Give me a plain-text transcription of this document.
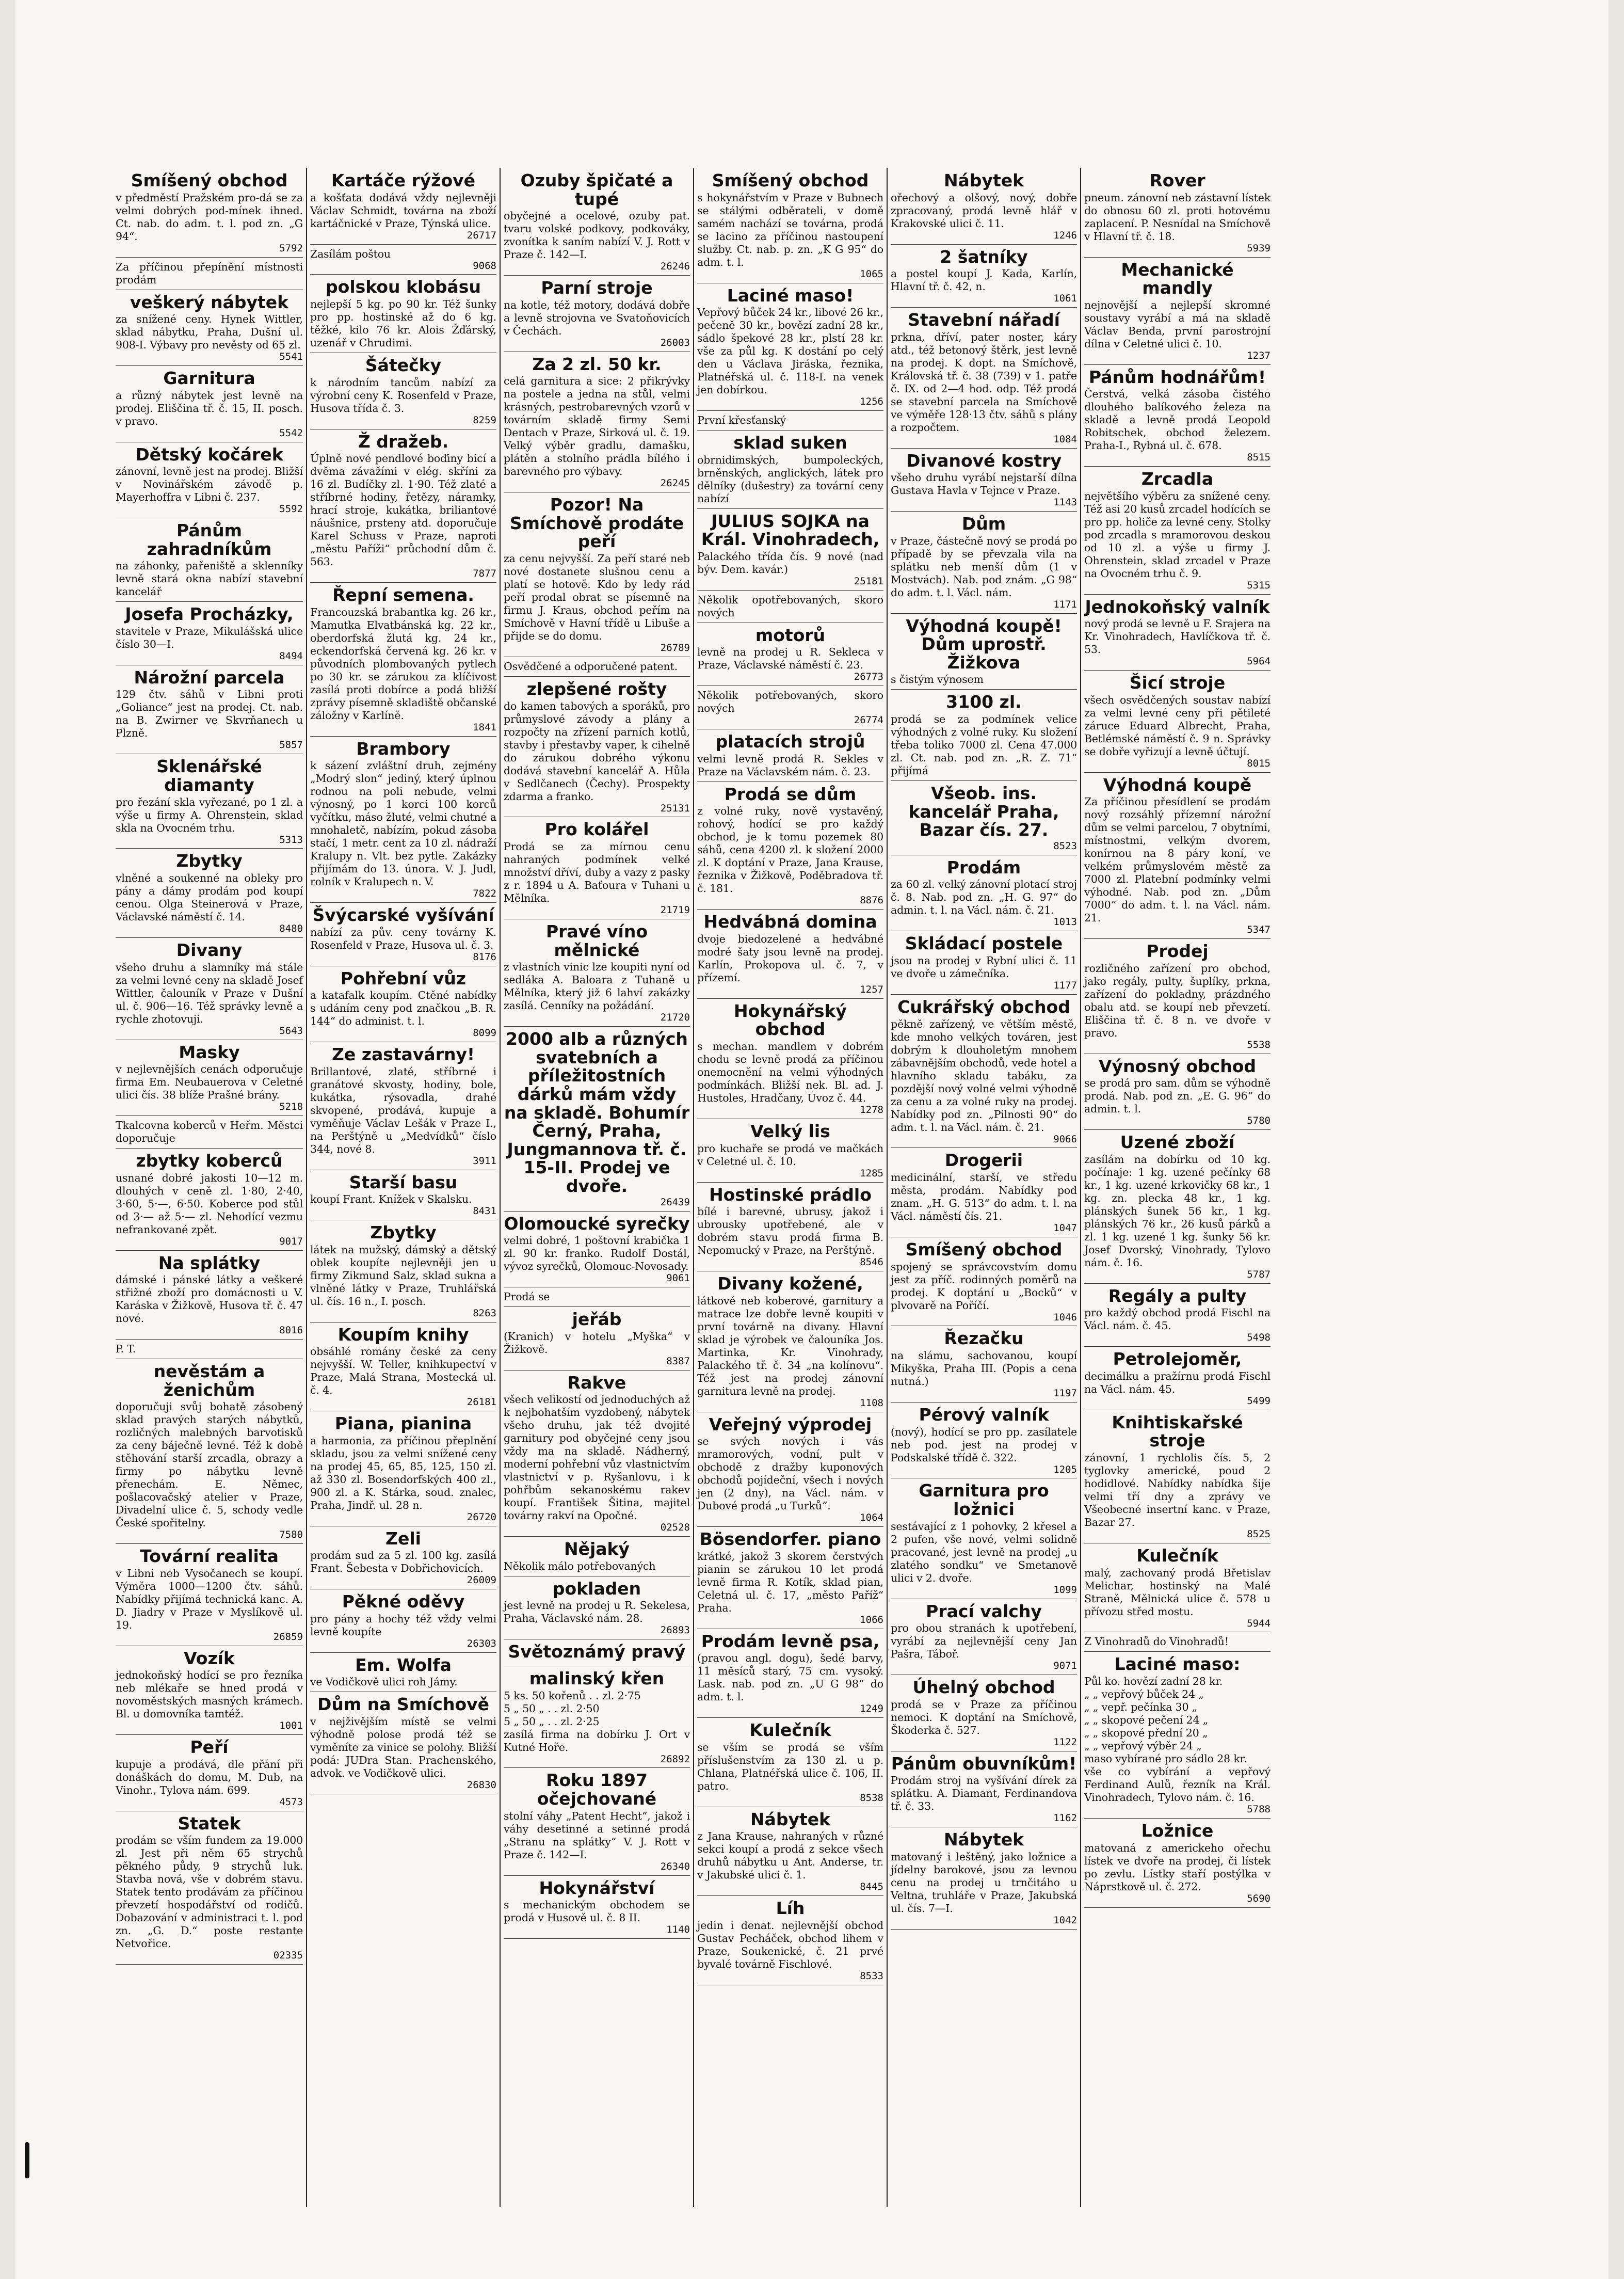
Smíšený obchod

v předměstí Pražském pro-dá se za velmi dobrých pod-mínek ihned. Ct. nab. do adm. t. l. pod zn. „G 94“.

5792

Za příčinou přepínění místnosti prodám

veškerý nábytek

za snížené ceny. Hynek Wittler, sklad nábytku, Praha, Dušní ul. 908-I. Výbavy pro nevěsty od 65 zl.

5541

Garnitura

a různý nábytek jest levně na prodej. Eliščina tř. č. 15, II. posch. v pravo.

5542

Dětský kočárek

zánovní, levně jest na prodej. Bližší v Novinářském závodě p. Mayerhoffra v Libni č. 237.

5592

Pánům zahradníkům

na záhonky, pařeniště a sklenníky levně stará okna nabízí stavební kancelář

Josefa Procházky,

stavitele v Praze, Mikulášská ulice číslo 30—I.

8494

Nárožní parcela

129 čtv. sáhů v Libni proti „Goliance“ jest na prodej. Ct. nab. na B. Zwirner ve Skvrňanech u Plzně.

5857

Sklenářské diamanty

pro řezání skla vyřezané, po 1 zl. a výše u firmy A. Ohrenstein, sklad skla na Ovocném trhu.

5313

Zbytky

vlněné a soukenné na obleky pro pány a dámy prodám pod koupí cenou. Olga Steinerová v Praze, Václavské náměstí č. 14.

8480

Divany

všeho druhu a slamníky má stále za velmi levné ceny na skladě Josef Wittler, čalouník v Praze v Dušní ul. č. 906—16. Též správky levně a rychle zhotovuji.

5643

Masky

v nejlevnějších cenách odporučuje firma Em. Neubauerova v Celetné ulici čís. 38 blíže Prašné brány.

5218

Tkalcovna koberců v Heřm. Městci doporučuje

zbytky koberců

usnané dobré jakosti 10—12 m. dlouhých v ceně zl. 1·80, 2·40, 3·60, 5·—, 6·50. Koberce pod stůl od 3·— až 5·— zl. Nehodící vezmu nefrankované zpět.

9017

Na splátky

dámské i pánské látky a veškeré střižné zboží pro domácnosti u V. Karáska v Žižkově, Husova tř. č. 47 nové.

8016

P. T.

nevěstám a ženichům

doporučuji svůj bohatě zásobený sklad pravých starých nábytků, rozličných malebných barvotisků za ceny báječně levné. Též k době stěhování starší zrcadla, obrazy a firmy po nábytku levně přenechám. E. Němec, pošlacovačský atelier v Praze, Divadelní ulice č. 5, schody vedle České spořitelny.

7580

Tovární realita

v Libni neb Vysočanech se koupí. Výměra 1000—1200 čtv. sáhů. Nabídky přijímá technická kanc. A. D. Jiadry v Praze v Myslíkově ul. 19.

26859

Vozík

jednokoňský hodící se pro řezníka neb mlékaře se hned prodá v novoměstských masných krámech. Bl. u domovníka tamtéž.

1001

Peří

kupuje a prodává, dle přání při donáškách do domu, M. Dub, na Vinohr., Tylova nám. 699.

4573

Statek

prodám se vším fundem za 19.000 zl. Jest při něm 65 strychů pěkného půdy, 9 strychů luk. Stavba nová, vše v dobrém stavu. Statek tento prodávám za příčinou převzetí hospodářství od rodičů. Dobazování v administraci t. l. pod zn. „G. D.“ poste restante Netvořice.

02335

Kartáče rýžové

a košťata dodává vždy nejlevněji Václav Schmidt, továrna na zboží kartáčnické v Praze, Týnská ulice.

26717

Zasílám poštou

9068

polskou klobásu

nejlepší 5 kg. po 90 kr. Též šunky pro pp. hostinské až do 6 kg. těžké, kilo 76 kr. Alois Žďárský, uzenář v Chrudimi.

Šátečky

k národním tancům nabízí za výrobní ceny K. Rosenfeld v Praze, Husova třída č. 3.

8259

Ž dražeb.

Úplně nové pendlové boďiny bicí a dvěma závažími v elég. skříni za 16 zl. Budíčky zl. 1·90. Též zlaté a stříbrné hodiny, řetězy, náramky, hrací stroje, kukátka, briliantové náušnice, prsteny atd. doporučuje Karel Schuss v Praze, naproti „městu Paříži“ průchodní dům č. 563.

7877

Řepní semena.

Francouzská brabantka kg. 26 kr., Mamutka Elvatbánská kg. 22 kr., oberdorfská žlutá kg. 24 kr., eckendorfská červená kg. 26 kr. v původních plombovaných pytlech po 30 kr. se zárukou za klíčivost zasílá proti dobírce a podá bližší zprávy písemně skladiště občanské záložny v Karlíně.

1841

Brambory

k sázení zvláštní druh, zejmény „Modrý slon“ jediný, který úplnou rodnou na poli nebude, velmi výnosný, po 1 korci 100 korců vyčítku, máso žluté, velmi chutné a mnohaletč, nabízím, pokud zásoba stačí, 1 metr. cent za 10 zl. nádraží Kralupy n. Vlt. bez pytle. Zakázky přijímám do 13. února. V. J. Judl, rolník v Kralupech n. V.

7822

Švýcarské vyšívání

nabízí za pův. ceny továrny K. Rosenfeld v Praze, Husova ul. č. 3.

8176

Pohřební vůz

a katafalk koupím. Ctěné nabídky s udáním ceny pod značkou „B. R. 144“ do administ. t. l.

8099

Ze zastavárny!

Brillantové, zlaté, stříbrné i granátové skvosty, hodiny, bole, kukátka, rýsovadla, drahé skvopené, prodává, kupuje a vyměňuje Václav Lešák v Praze I., na Perštýně u „Medvídků“ číslo 344, nové 8.

3911

Starší basu

koupí Frant. Knížek v Skalsku.

8431

Zbytky

látek na mužský, dámský a dětský oblek koupíte nejlevněji jen u firmy Zikmund Salz, sklad sukna a vlněné látky v Praze, Truhlářská ul. čís. 16 n., I. posch.

8263

Koupím knihy

obsáhlé romány české za ceny nejvyšší. W. Teller, knihkupectví v Praze, Malá Strana, Mostecká ul. č. 4.

26181

Piana, pianina

a harmonia, za příčinou přeplnění skladu, jsou za velmi snížené ceny na prodej 45, 65, 85, 125, 150 zl. až 330 zl. Bosendorfských 400 zl., 900 zl. a K. Stárka, soud. znalec, Praha, Jindř. ul. 28 n.

26720

Zeli

prodám sud za 5 zl. 100 kg. zasílá Frant. Šebesta v Dobřichovicích.

26009

Pěkné oděvy

pro pány a hochy též vždy velmi levně koupíte

26303

Em. Wolfa

ve Vodičkově ulici roh Jámy.

Dům na Smíchově

v nejživějším místě se velmi výhodně polose prodá též se vyměníte za vinice se polohy. Bližší podá: JUDra Stan. Prachenského, advok. ve Vodičkově ulici.

26830

Ozuby špičaté a tupé

obyčejné a ocelové, ozuby pat. tvaru volské podkovy, podkováky, zvonítka k saním nabízí V. J. Rott v Praze č. 142—I.

26246

Parní stroje

na kotle, též motory, dodává dobře a levně strojovna ve Svatoňovicích v Čechách.

26003

Za 2 zl. 50 kr.

celá garnitura a sice: 2 přikrývky na postele a jedna na stůl, velmi krásných, pestrobarevných vzorů v továrním skladě firmy Semi Dentach v Praze, Sirková ul. č. 19. Velký výběr gradlu, damašku, plátěn a stolního prádla bílého i barevného pro výbavy.

26245

Pozor! Na Smíchově prodáte peří

za cenu nejvyšší. Za peří staré neb nové dostanete slušnou cenu a platí se hotově. Kdo by ledy rád peří prodal obrat se písemně na firmu J. Kraus, obchod peřím na Smíchově v Havní třídě u Libuše a přijde se do domu.

26789

Osvědčené a odporučené patent.

zlepšené rošty

do kamen tabových a sporáků, pro průmyslové závody a plány a rozpočty na zřízení parních kotlů, stavby i přestavby vaper, k cihelně do zárukou dobrého výkonu dodává stavební kancelář A. Hůla v Sedlčanech (Čechy). Prospekty zdarma a franko.

25131

Pro kolářel

Prodá se za mírnou cenu nahraných podmínek velké množství dříví, duby a vazy z pasky z r. 1894 u A. Baťoura v Tuhani u Mělníka.

21719

Pravé víno mělnické

z vlastních vinic lze koupiti nyní od sedláka A. Baloara z Tuhaně u Mělníka, který již 6 lahví zakázky zasílá. Cenníky na požádání.

21720

2000 alb a různých svatebních a příležitostních dárků mám vždy na skladě. Bohumír Černý, Praha, Jungmannova tř. č. 15-II. Prodej ve dvoře.

26439

Olomoucké syrečky

velmi dobré, 1 poštovní krabička 1 zl. 90 kr. franko. Rudolf Dostál, vývoz syrečků, Olomouc-Novosady.

9061

Prodá se

jeřáb

(Kranich) v hotelu „Myška“ v Žižkově.

8387

Rakve

všech velikostí od jednoduchých až k nejbohatším vyzdobený, nábytek všeho druhu, jak též dvojité garnitury pod obyčejné ceny jsou vždy ma na skladě. Nádherný, moderní pohřební vůz vlastnictvím vlastnictví v p. Ryšanlovu, i k pohřbům sekanoskému rakev koupí. František Šitina, majitel továrny rakví na Opočné.

02528

Nějaký

Několik málo potřebovaných

pokladen

jest levně na prodej u R. Sekelesa, Praha, Václavské nám. 28.

26893

Světoznámý pravý

malinský křen

5 ks. 50 kořenů . . zl. 2·75
5 „ 50 „ . . zl. 2·50
5 „ 50 „ . . zl. 2·25
zasílá firma na dobírku J. Ort v Kutné Hoře.

26892

Roku 1897 očejchované

stolní váhy „Patent Hecht“, jakož i váhy desetinné a setinné prodá „Stranu na splátky“ V. J. Rott v Praze č. 142—I.

26340

Hokynářství

s mechanickým obchodem se prodá v Husově ul. č. 8 II.

1140

Smíšený obchod

s hokynářstvím v Praze v Bubnech se stálými odběrateli, v domě samém nachází se továrna, prodá se lacino za příčinou nastoupení služby. Ct. nab. p. zn. „K G 95“ do adm. t. l.

1065

Laciné maso!

Vepřový bůček 24 kr., libové 26 kr., pečeně 30 kr., bovězí zadní 28 kr., sádlo špekové 28 kr., plstí 28 kr. vše za půl kg. K dostání po celý den u Václava Jiráska, řeznika, Platnéřská ul. č. 118-I. na venek jen dobírkou.

1256

První křesťanský

sklad suken

obrnidimských, bumpoleckých, brněnských, anglických, látek pro dělníky (dušestry) za tovární ceny nabízí

JULIUS SOJKA na Král. Vinohradech,

Palackého třída čís. 9 nové (nad býv. Dem. kavár.)

25181

Několik opotřebovaných, skoro nových

motorů

levně na prodej u R. Sekleca v Praze, Václavské náměstí č. 23.

26773

Několik potřebovaných, skoro nových

26774

platacích strojů

velmi levně prodá R. Sekles v Praze na Václavském nám. č. 23.

Prodá se dům

z volné ruky, nově vystavěný, rohový, hodící se pro každý obchod, je k tomu pozemek 80 sáhů, cena 4200 zl. k složení 2000 zl. K doptání v Praze, Jana Krause, řeznika v Žižkově, Poděbradova tř. č. 181.

8876

Hedvábná domina

dvoje biedozelené a hedvábné modré šaty jsou levně na prodej. Karlín, Prokopova ul. č. 7, v přízemí.

1257

Hokynářský obchod

s mechan. mandlem v dobrém chodu se levně prodá za příčinou onemocnění na velmi výhodných podmínkách. Bližší nek. Bl. ad. J. Hustoles, Hradčany, Úvoz č. 44.

1278

Velký lis

pro kuchaře se prodá ve mačkách v Celetné ul. č. 10.

1285

Hostinské prádlo

bílé i barevné, ubrusy, jakož i ubrousky upotřebené, ale v dobrém stavu prodá firma B. Nepomucký v Praze, na Perštýně.

8546

Divany kožené,

látkové neb koberové, garnitury a matrace lze dobře levně koupiti v první továrně na divany. Hlavní sklad je výrobek ve čalouníka Jos. Martinka, Kr. Vinohrady, Palackého tř. č. 34 „na kolínovu“. Též jest na prodej zánovní garnitura levně na prodej.

1108

Veřejný výprodej

se svých nových i vás mramorových, vodní, pult v obchodě z dražby kuponových obchodů pojídeční, všech i nových jen (2 dny), na Václ. nám. v Dubové prodá „u Turků“.

1064

Bösendorfer. piano

krátké, jakož 3 skorem čerstvých pianin se zárukou 10 let prodá levně firma R. Kotík, sklad pian, Celetná ul. č. 17, „město Paříž“ Praha.

1066

Prodám levně psa,

(pravou angl. dogu), šedé barvy, 11 měsíců starý, 75 cm. vysoký. Lask. nab. pod zn. „U G 98“ do adm. t. l.

1249

Kulečník

se vším se prodá se vším příslušenstvím za 130 zl. u p. Chlana, Platnéřská ulice č. 106, II. patro.

8538

Nábytek

z Jana Krause, nahraných v různé sekci koupí a prodá z sekce všech druhů nábytku u Ant. Anderse, tr. v Jakubské ulici č. 1.

8445

Líh

jedin i denat. nejlevnější obchod Gustav Pecháček, obchod lihem v Praze, Soukenické, č. 21 prvé byvalé továrně Fischlové.

8533

Nábytek

ořechový a olšový, nový, dobře zpracovaný, prodá levně hlář v Krakovské ulici č. 11.

1246

2 šatníky

a postel koupí J. Kada, Karlín, Hlavní tř. č. 42, n.

1061

Stavební nářadí

prkna, dříví, pater noster, káry atd., též betonový štěrk, jest levně na prodej. K dopt. na Smíchově, Královská tř. č. 38 (739) v 1. patře č. IX. od 2—4 hod. odp. Též prodá se stavební parcela na Smíchově ve výměře 128·13 čtv. sáhů s plány a rozpočtem.

1084

Divanové kostry

všeho druhu vyrábí nejstarší dílna Gustava Havla v Tejnce v Praze.

1143

Dům

v Praze, částečně nový se prodá po případě by se převzala vila na splátku neb menší dům (1 v Mostvách). Nab. pod znám. „G 98“ do adm. t. l. Václ. nám.

1171

Výhodná koupě! Dům uprostř. Žižkova

s čistým výnosem

3100 zl.

prodá se za podmínek velice výhodných z volné ruky. Ku složení třeba toliko 7000 zl. Cena 47.000 zl. Ct. nab. pod zn. „R. Z. 71“ přijímá

Všeob. ins. kancelář Praha, Bazar čís. 27.

8523

Prodám

za 60 zl. velký zánovní plotací stroj č. 8. Nab. pod zn. „H. G. 97“ do admin. t. l. na Václ. nám. č. 21.

1013

Skládací postele

jsou na prodej v Rybní ulici č. 11 ve dvoře u zámečníka.

1177

Cukrářský obchod

pěkně zařízený, ve větším městě, kde mnoho velkých továren, jest dobrým k dlouholetým mnohem zábavnějším obchodů, vede hotel a hlavního skladu tabáku, za pozdější nový volné velmi výhodně za cenu a za volné ruky na prodej. Nabídky pod zn. „Pilnosti 90“ do adm. t. l. na Václ. nám. č. 21.

9066

Drogerii

medicinální, starší, ve středu města, prodám. Nabídky pod znam. „H. G. 513“ do adm. t. l. na Václ. náměstí čís. 21.

1047

Smíšený obchod

spojený se správcovstvím domu jest za příč. rodinných poměrů na prodej. K doptání u „Bocků“ v plvovarě na Poříčí.

1046

Řezačku

na slámu, sachovanou, koupí Mikyška, Praha III. (Popis a cena nutná.)

1197

Pérový valník

(nový), hodící se pro pp. zasílatele neb pod. jest na prodej v Podskalské třídě č. 322.

1205

Garnitura pro ložnici

sestávající z 1 pohovky, 2 křesel a 2 pufen, vše nové, velmi solidně pracované, jest levně na prodej „u zlatého sondku“ ve Smetanově ulici v 2. dvoře.

1099

Prací valchy

pro obou stranách k upotřebení, vyrábí za nejlevnější ceny Jan Pašra, Táboř.

9071

Úhelný obchod

prodá se v Praze za příčinou nemoci. K doptání na Smíchově, Škoderka č. 527.

1122

Pánům obuvníkům!

Prodám stroj na vyšívání dírek za splátku. A. Diamant, Ferdinandova tř. č. 33.

1162

Nábytek

matovaný i leštěný, jako ložnice a jídelny barokové, jsou za levnou cenu na prodej u trnčitáho u Veltna, truhláře v Praze, Jakubská ul. čís. 7—I.

1042

Rover

pneum. zánovní neb zástavní lístek do obnosu 60 zl. proti hotovému zaplacení. P. Nesnídal na Smíchově v Hlavní tř. č. 18.

5939

Mechanické mandly

nejnovější a nejlepší skromné soustavy vyrábí a má na skladě Václav Benda, první parostrojní dílna v Celetné ulici č. 10.

1237

Pánům hodnářům!

Čerstvá, velká zásoba čistého dlouhého balíkového železa na skladě a levně prodá Leopold Robitschek, obchod železem. Praha-I., Rybná ul. č. 678.

8515

Zrcadla

největšího výběru za snížené ceny. Též asi 20 kusů zrcadel hodících se pro pp. holiče za levné ceny. Stolky pod zrcadla s mramorovou deskou od 10 zl. a výše u firmy J. Ohrenstein, sklad zrcadel v Praze na Ovocném trhu č. 9.

5315

Jednokoňský valník

nový prodá se levně u F. Srajera na Kr. Vinohradech, Havlíčkova tř. č. 53.

5964

Šicí stroje

všech osvědčených soustav nabízí za velmi levné ceny při pětileté záruce Eduard Albrecht, Praha, Betlémské náměstí č. 9 n. Správky se dobře vyřizují a levně účtují.

8015

Výhodná koupě

Za příčinou přesídlení se prodám nový rozsáhlý přízemní nárožní dům se velmi parcelou, 7 obytními, místnostmi, velkým dvorem, konírnou na 8 páry koní, ve velkém průmyslovém městě za 7000 zl. Platební podmínky velmi výhodné. Nab. pod zn. „Dům 7000“ do adm. t. l. na Václ. nám. 21.

5347

Prodej

rozličného zařízení pro obchod, jako regály, pulty, šuplíky, prkna, zařízení do pokladny, prázdného obalu atd. se koupí neb převzetí. Eliščina tř. č. 8 n. ve dvoře v pravo.

5538

Výnosný obchod

se prodá pro sam. dům se výhodně prodá. Nab. pod zn. „E. G. 96“ do admin. t. l.

5780

Uzené zboží

zasílám na dobírku od 10 kg. počínaje: 1 kg. uzené pečínky 68 kr., 1 kg. uzené krkovičky 68 kr., 1 kg. zn. plecka 48 kr., 1 kg. plánských šunek 56 kr., 1 kg. plánských 76 kr., 26 kusů párků a zl. 1 kg. uzené 1 kg. šunky 56 kr. Josef Dvorský, Vinohrady, Tylovo nám. č. 16.

5787

Regály a pulty

pro každý obchod prodá Fischl na Václ. nám. č. 45.

5498

Petrolejoměr,

decimálku a pražírnu prodá Fischl na Václ. nám. 45.

5499

Knihtiskařské stroje

zánovní, 1 rychlolis čís. 5, 2 tyglovky americké, poud 2 hodidlové. Nabídky nabídka šije velmi tří dny a zprávy ve Všeobecné insertní kanc. v Praze, Bazar 27.

8525

Kulečník

malý, zachovaný prodá Břetislav Melichar, hostinský na Malé Straně, Mělnická ulice č. 578 u přívozu střed mostu.

5944

Z Vinohradů do Vinohradů!

Laciné maso:

Půl ko. hovězí zadní 28 kr.
„ „ vepřový bůček 24 „
„ „ vepř. pečínka 30 „
„ „ skopové pečení 24 „
„ „ skopové přední 20 „
„ „ vepřový výběr 24 „
maso vybírané pro sádlo 28 kr.
vše co vybírání a vepřový Ferdinand Aulů, řezník na Král. Vinohradech, Tylovo nám. č. 16.

5788

Ložnice

matovaná z americkeho ořechu lístek ve dvoře na prodej, či lístek po zevlu. Lístky staří postýlka v Náprstkově ul. č. 272.

5690
